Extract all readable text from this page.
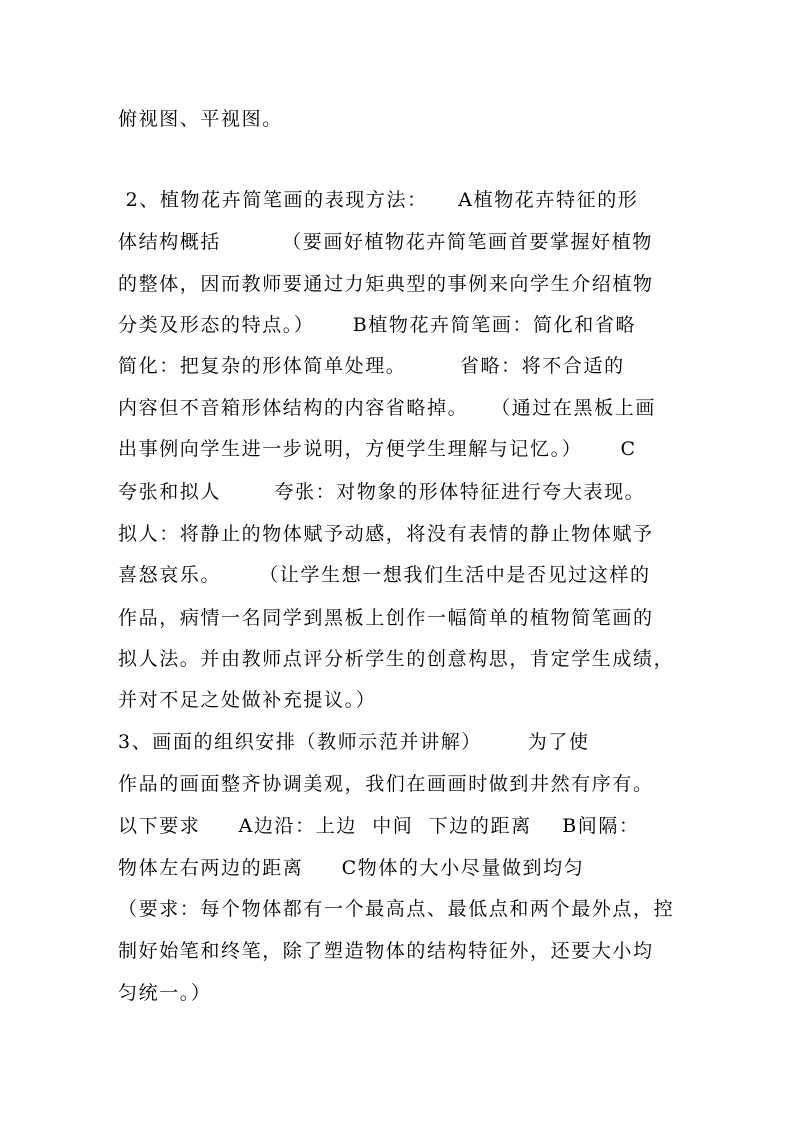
俯视图、平视图。
2、植物花卉简笔画的表现方法：    A植物花卉特征的形
体结构概括        （要画好植物花卉简笔画首要掌握好植物
的整体，因而教师要通过力矩典型的事例来向学生介绍植物
分类及形态的特点。）     B植物花卉简笔画：简化和省略
简化：把复杂的形体简单处理。       省略：将不合适的
内容但不音箱形体结构的内容省略掉。   （通过在黑板上画
出事例向学生进一步说明，方便学生理解与记忆。）     C
夸张和拟人       夸张：对物象的形体特征进行夸大表现。
拟人：将静止的物体赋予动感，将没有表情的静止物体赋予
喜怒哀乐。     （让学生想一想我们生活中是否见过这样的
作品，病情一名同学到黑板上创作一幅简单的植物简笔画的
拟人法。并由教师点评分析学生的创意构思，肯定学生成绩，
并对不足之处做补充提议。）
3、画面的组织安排（教师示范并讲解）      为了使
作品的画面整齐协调美观，我们在画画时做到井然有序有。
以下要求     A边沿：上边  中间  下边的距离    B间隔：
物体左右两边的距离     C物体的大小尽量做到均匀
（要求：每个物体都有一个最高点、最低点和两个最外点，控
制好始笔和终笔，除了塑造物体的结构特征外，还要大小均
匀统一。）
